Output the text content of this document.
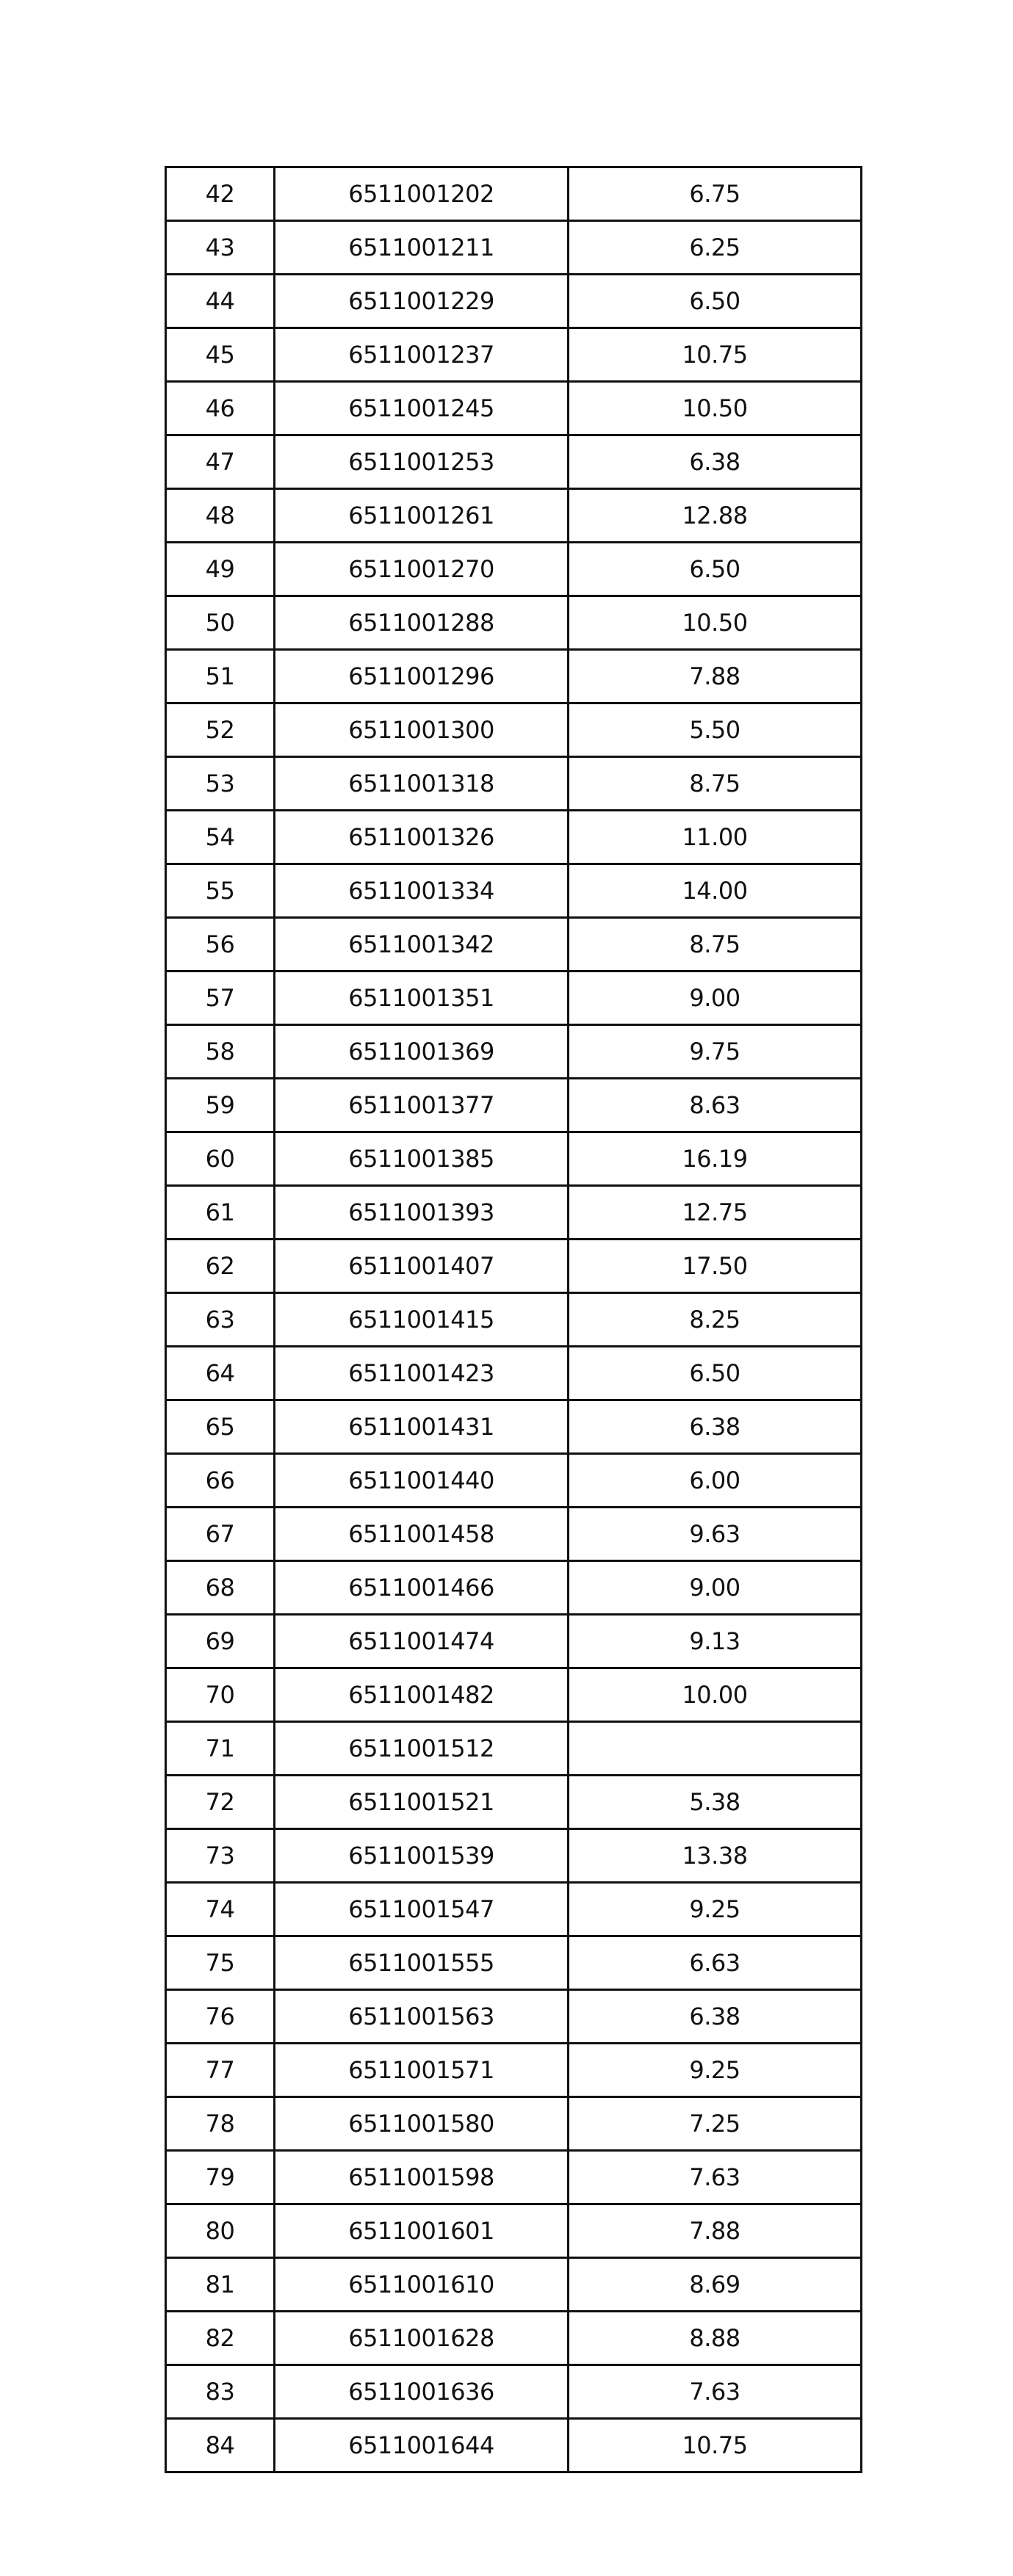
42	6511001202	6.75
43	6511001211	6.25
44	6511001229	6.50
45	6511001237	10.75
46	6511001245	10.50
47	6511001253	6.38
48	6511001261	12.88
49	6511001270	6.50
50	6511001288	10.50
51	6511001296	7.88
52	6511001300	5.50
53	6511001318	8.75
54	6511001326	11.00
55	6511001334	14.00
56	6511001342	8.75
57	6511001351	9.00
58	6511001369	9.75
59	6511001377	8.63
60	6511001385	16.19
61	6511001393	12.75
62	6511001407	17.50
63	6511001415	8.25
64	6511001423	6.50
65	6511001431	6.38
66	6511001440	6.00
67	6511001458	9.63
68	6511001466	9.00
69	6511001474	9.13
70	6511001482	10.00
71	6511001512	
72	6511001521	5.38
73	6511001539	13.38
74	6511001547	9.25
75	6511001555	6.63
76	6511001563	6.38
77	6511001571	9.25
78	6511001580	7.25
79	6511001598	7.63
80	6511001601	7.88
81	6511001610	8.69
82	6511001628	8.88
83	6511001636	7.63
84	6511001644	10.75
